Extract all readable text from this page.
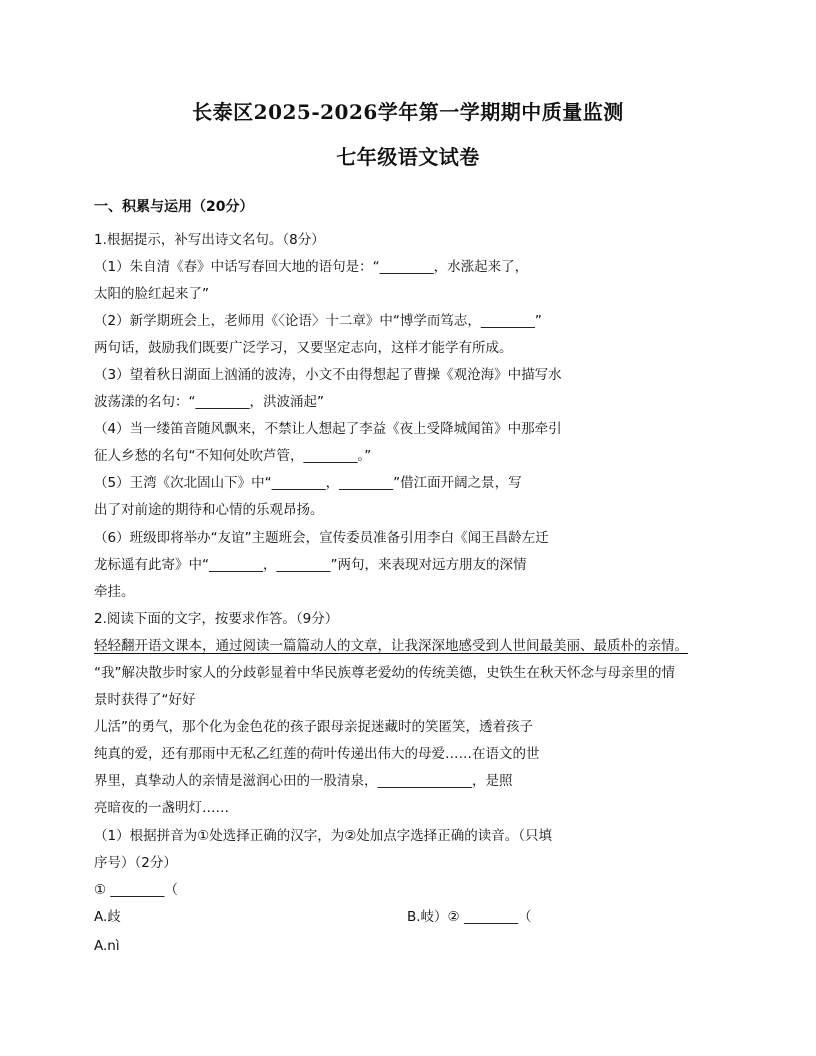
长泰区2025-2026学年第一学期期中质量监测
七年级语文试卷
一、积累与运用（20分）
1.根据提示，补写出诗文名句。（8分）
（1）朱自清《春》中话写春回大地的语句是：“________，水涨起来了，
太阳的脸红起来了”
（2）新学期班会上，老师用《〈论语〉十二章》中“博学而笃志，________”
两句话，鼓励我们既要广泛学习，又要坚定志向，这样才能学有所成。
（3）望着秋日湖面上汹涌的波涛，小文不由得想起了曹操《观沧海》中描写水
波荡漾的名句：“________，洪波涌起”
（4）当一缕笛音随风飘来，不禁让人想起了李益《夜上受降城闻笛》中那牵引
征人乡愁的名句“不知何处吹芦管，________。”
（5）王湾《次北固山下》中“________，________”借江面开阔之景，写
出了对前途的期待和心情的乐观昂扬。
（6）班级即将举办“友谊”主题班会，宣传委员准备引用李白《闻王昌龄左迁
龙标遥有此寄》中“________，________”两句，来表现对远方朋友的深情
牵挂。
2.阅读下面的文字，按要求作答。（9分）
轻轻翻开语文课本，通过阅读一篇篇动人的文章，让我深深地感受到人世间最美丽、最质朴的亲情。
“我”解决散步时家人的分歧彰显着中华民族尊老爱幼的传统美德，史铁生在秋天怀念与母亲里的情
景时获得了“好好
儿活”的勇气，那个化为金色花的孩子跟母亲捉迷藏时的笑匿笑，透着孩子
纯真的爱，还有那雨中无私乙红莲的荷叶传递出伟大的母爱……在语文的世
界里，真挚动人的亲情是滋润心田的一股清泉，______________，是照
亮暗夜的一盏明灯……
（1）根据拼音为①处选择正确的汉字，为②处加点字选择正确的读音。（只填
序号）（2分）
① ________（
A.歧	B.岐）② ________（
A.nì
